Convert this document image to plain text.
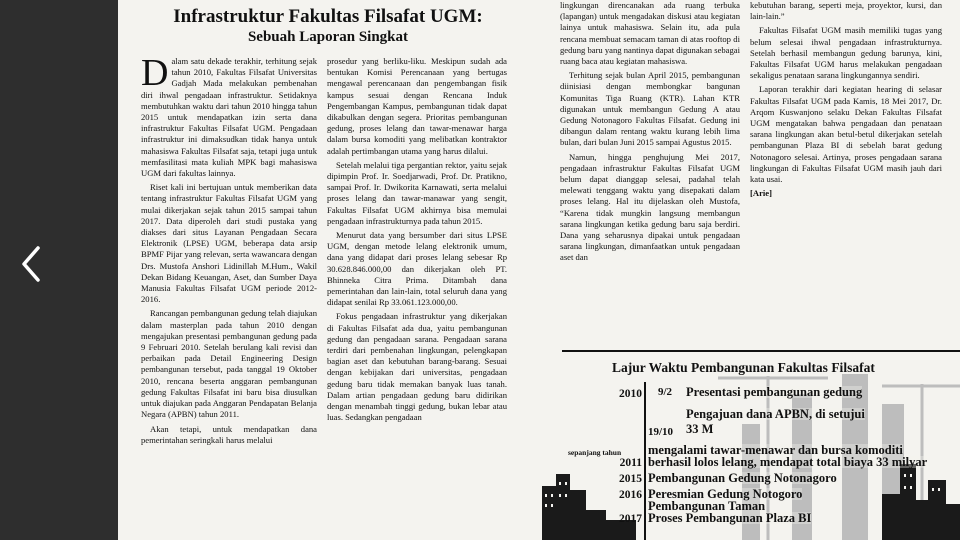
Infrastruktur Fakultas Filsafat UGM:
Sebuah Laporan Singkat

Dalam satu dekade terakhir, terhitung sejak tahun 2010, Fakultas Filsafat Universitas Gadjah Mada melakukan pembenahan diri ihwal pengadaan infrastruktur. Setidaknya membutuhkan waktu dari tahun 2010 hingga tahun 2015 untuk mendapatkan izin serta dana infrastruktur Fakultas Filsafat UGM. Pengadaan infrastruktur ini dimaksudkan tidak hanya untuk mahasiswa Fakultas Filsafat saja, tetapi juga untuk memfasilitasi mata kuliah MPK bagi mahasiswa UGM dari fakultas lainnya.

Riset kali ini bertujuan untuk memberikan data tentang infrastruktur Fakultas Filsafat UGM yang mulai dikerjakan sejak tahun 2015 sampai tahun 2017. Data diperoleh dari studi pustaka yang diakses dari situs Layanan Pengadaan Secara Elektronik (LPSE) UGM, beberapa data arsip BPMF Pijar yang relevan, serta wawancara dengan Drs. Mustofa Anshori Lidinillah M.Hum., Wakil Dekan Bidang Keuangan, Aset, dan Sumber Daya Manusia Fakultas Filsafat UGM periode 2012-2016.

Rancangan pembangunan gedung telah diajukan dalam masterplan pada tahun 2010 dengan mengajukan presentasi pembangunan gedung pada 9 Februari 2010. Setelah berulang kali revisi dan perbaikan pada Detail Engineering Design pembangunan tersebut, pada tanggal 19 Oktober 2010, rencana beserta anggaran pembangunan gedung Fakultas Filsafat ini baru bisa diusulkan untuk diajukan pada Anggaran Pendapatan Belanja Negara (APBN) tahun 2011.

Akan tetapi, untuk mendapatkan dana pemerintahan seringkali harus melalui

prosedur yang berliku-liku. Meskipun sudah ada bentukan Komisi Perencanaan yang bertugas mengawal perencanaan dan pengembangan fisik kampus sesuai dengan Rencana Induk Pengembangan Kampus, pembangunan tidak dapat dikabulkan dengan segera. Prioritas pembangunan gedung, proses lelang dan tawar-menawar harga dalam bursa komoditi yang melibatkan kontraktor adalah pertimbangan utama yang harus dilalui.

Setelah melalui tiga pergantian rektor, yaitu sejak dipimpin Prof. Ir. Soedjarwadi, Prof. Dr. Pratikno, sampai Prof. Ir. Dwikorita Karnawati, serta melalui proses lelang dan tawar-manawar yang sengit, Fakultas Filsafat UGM akhirnya bisa memulai pengadaan infrastrukturnya pada tahun 2015.

Menurut data yang bersumber dari situs LPSE UGM, dengan metode lelang elektronik umum, dana yang didapat dari proses lelang sebesar Rp 30.628.846.000,00 dan dikerjakan oleh PT. Bhinneka Citra Prima. Ditambah dana pemerintahan dan lain-lain, total seluruh dana yang didapat senilai Rp 33.061.123.000,00.

Fokus pengadaan infrastruktur yang dikerjakan di Fakultas Filsafat ada dua, yaitu pembangunan gedung dan pengadaan sarana. Pengadaan sarana terdiri dari pembenahan lingkungan, pelengkapan bagian aset dan kebutuhan barang-barang. Sesuai dengan kebijakan dari universitas, pengadaan gedung baru tidak memakan banyak luas tanah. Dalam artian pengadaan gedung baru didirikan dengan menambah tinggi gedung, bukan lebar atau luas. Sedangkan pengadaan

lingkungan direncanakan ada ruang terbuka (lapangan) untuk mengadakan diskusi atau kegiatan lainya untuk mahasiswa. Selain itu, ada pula rencana membuat semacam taman di atas rooftop di gedung baru yang nantinya dapat digunakan sebagai ruang baca atau kegiatan mahasiswa.

Terhitung sejak bulan April 2015, pembangunan diinisiasi dengan membongkar bangunan Komunitas Tiga Ruang (KTR). Lahan KTR digunakan untuk membangun Gedung A atau Gedung Notonagoro Fakultas Filsafat. Gedung ini dibangun dalam rentang waktu kurang lebih lima bulan, dari bulan Juni 2015 sampai Agustus 2015.

Namun, hingga penghujung Mei 2017, pengadaan infrastruktur Fakultas Filsafat UGM belum dapat dianggap selesai, padahal telah melewati tenggang waktu yang disepakati dalam proses lelang. Hal itu dijelaskan oleh Mustofa, “Karena tidak mungkin langsung membangun sarana lingkungan ketika gedung baru saja berdiri. Dana yang seharusnya dipakai untuk pengadaan sarana lingkungan, dimanfaatkan untuk pengadaan aset dan

kebutuhan barang, seperti meja, proyektor, kursi, dan lain-lain.”

Fakultas Filsafat UGM masih memiliki tugas yang belum selesai ihwal pengadaan infrastrukturnya. Setelah berhasil membangun gedung barunya, kini, Fakultas Filsafat UGM harus melakukan pengadaan sekaligus penataan sarana lingkungannya sendiri.

Laporan terakhir dari kegiatan hearing di selasar Fakultas Filsafat UGM pada Kamis, 18 Mei 2017, Dr. Arqom Kuswanjono selaku Dekan Fakultas Filsafat UGM mengatakan bahwa pengadaan dan penataan sarana lingkungan akan betul-betul dikerjakan setelah pembangunan Plaza BI di sebelah barat gedung Notonagoro selesai. Artinya, proses pengadaan sarana lingkungan di Fakultas Filsafat UGM masih jauh dari kata usai.

[Arie]

Lajur Waktu Pembangunan Fakultas Filsafat
2010 9/2 Presentasi pembangunan gedung
Pengajuan dana APBN, di setujui
19/10 33 M
sepanjang tahun mengalami tawar-menawar dan bursa komoditi
2011 berhasil lolos lelang, mendapat total biaya 33 milyar
2015 Pembangunan Gedung Notonagoro
2016 Peresmian Gedung Notogoro
Pembangunan Taman
2017 Proses Pembangunan Plaza BI
